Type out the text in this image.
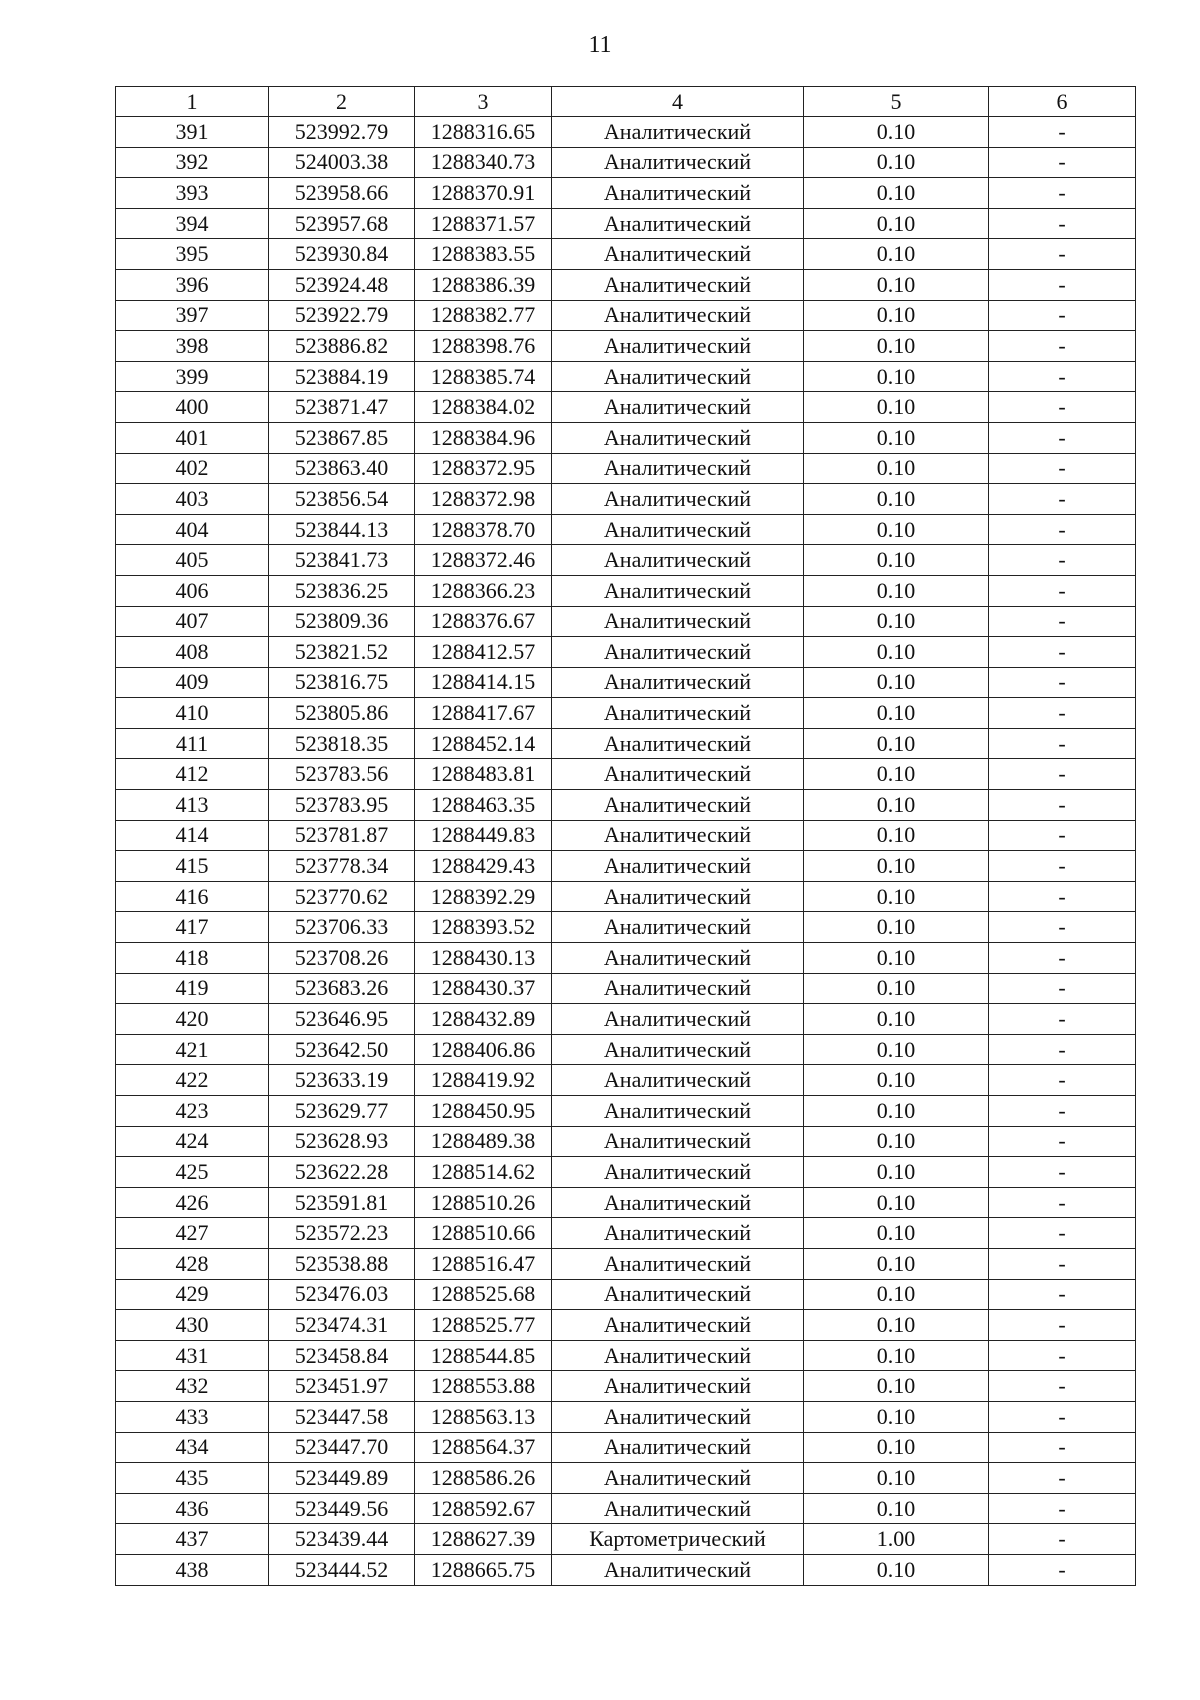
11
1	2	3	4	5	6
391	523992.79	1288316.65	Аналитический	0.10	-
392	524003.38	1288340.73	Аналитический	0.10	-
393	523958.66	1288370.91	Аналитический	0.10	-
394	523957.68	1288371.57	Аналитический	0.10	-
395	523930.84	1288383.55	Аналитический	0.10	-
396	523924.48	1288386.39	Аналитический	0.10	-
397	523922.79	1288382.77	Аналитический	0.10	-
398	523886.82	1288398.76	Аналитический	0.10	-
399	523884.19	1288385.74	Аналитический	0.10	-
400	523871.47	1288384.02	Аналитический	0.10	-
401	523867.85	1288384.96	Аналитический	0.10	-
402	523863.40	1288372.95	Аналитический	0.10	-
403	523856.54	1288372.98	Аналитический	0.10	-
404	523844.13	1288378.70	Аналитический	0.10	-
405	523841.73	1288372.46	Аналитический	0.10	-
406	523836.25	1288366.23	Аналитический	0.10	-
407	523809.36	1288376.67	Аналитический	0.10	-
408	523821.52	1288412.57	Аналитический	0.10	-
409	523816.75	1288414.15	Аналитический	0.10	-
410	523805.86	1288417.67	Аналитический	0.10	-
411	523818.35	1288452.14	Аналитический	0.10	-
412	523783.56	1288483.81	Аналитический	0.10	-
413	523783.95	1288463.35	Аналитический	0.10	-
414	523781.87	1288449.83	Аналитический	0.10	-
415	523778.34	1288429.43	Аналитический	0.10	-
416	523770.62	1288392.29	Аналитический	0.10	-
417	523706.33	1288393.52	Аналитический	0.10	-
418	523708.26	1288430.13	Аналитический	0.10	-
419	523683.26	1288430.37	Аналитический	0.10	-
420	523646.95	1288432.89	Аналитический	0.10	-
421	523642.50	1288406.86	Аналитический	0.10	-
422	523633.19	1288419.92	Аналитический	0.10	-
423	523629.77	1288450.95	Аналитический	0.10	-
424	523628.93	1288489.38	Аналитический	0.10	-
425	523622.28	1288514.62	Аналитический	0.10	-
426	523591.81	1288510.26	Аналитический	0.10	-
427	523572.23	1288510.66	Аналитический	0.10	-
428	523538.88	1288516.47	Аналитический	0.10	-
429	523476.03	1288525.68	Аналитический	0.10	-
430	523474.31	1288525.77	Аналитический	0.10	-
431	523458.84	1288544.85	Аналитический	0.10	-
432	523451.97	1288553.88	Аналитический	0.10	-
433	523447.58	1288563.13	Аналитический	0.10	-
434	523447.70	1288564.37	Аналитический	0.10	-
435	523449.89	1288586.26	Аналитический	0.10	-
436	523449.56	1288592.67	Аналитический	0.10	-
437	523439.44	1288627.39	Картометрический	1.00	-
438	523444.52	1288665.75	Аналитический	0.10	-
